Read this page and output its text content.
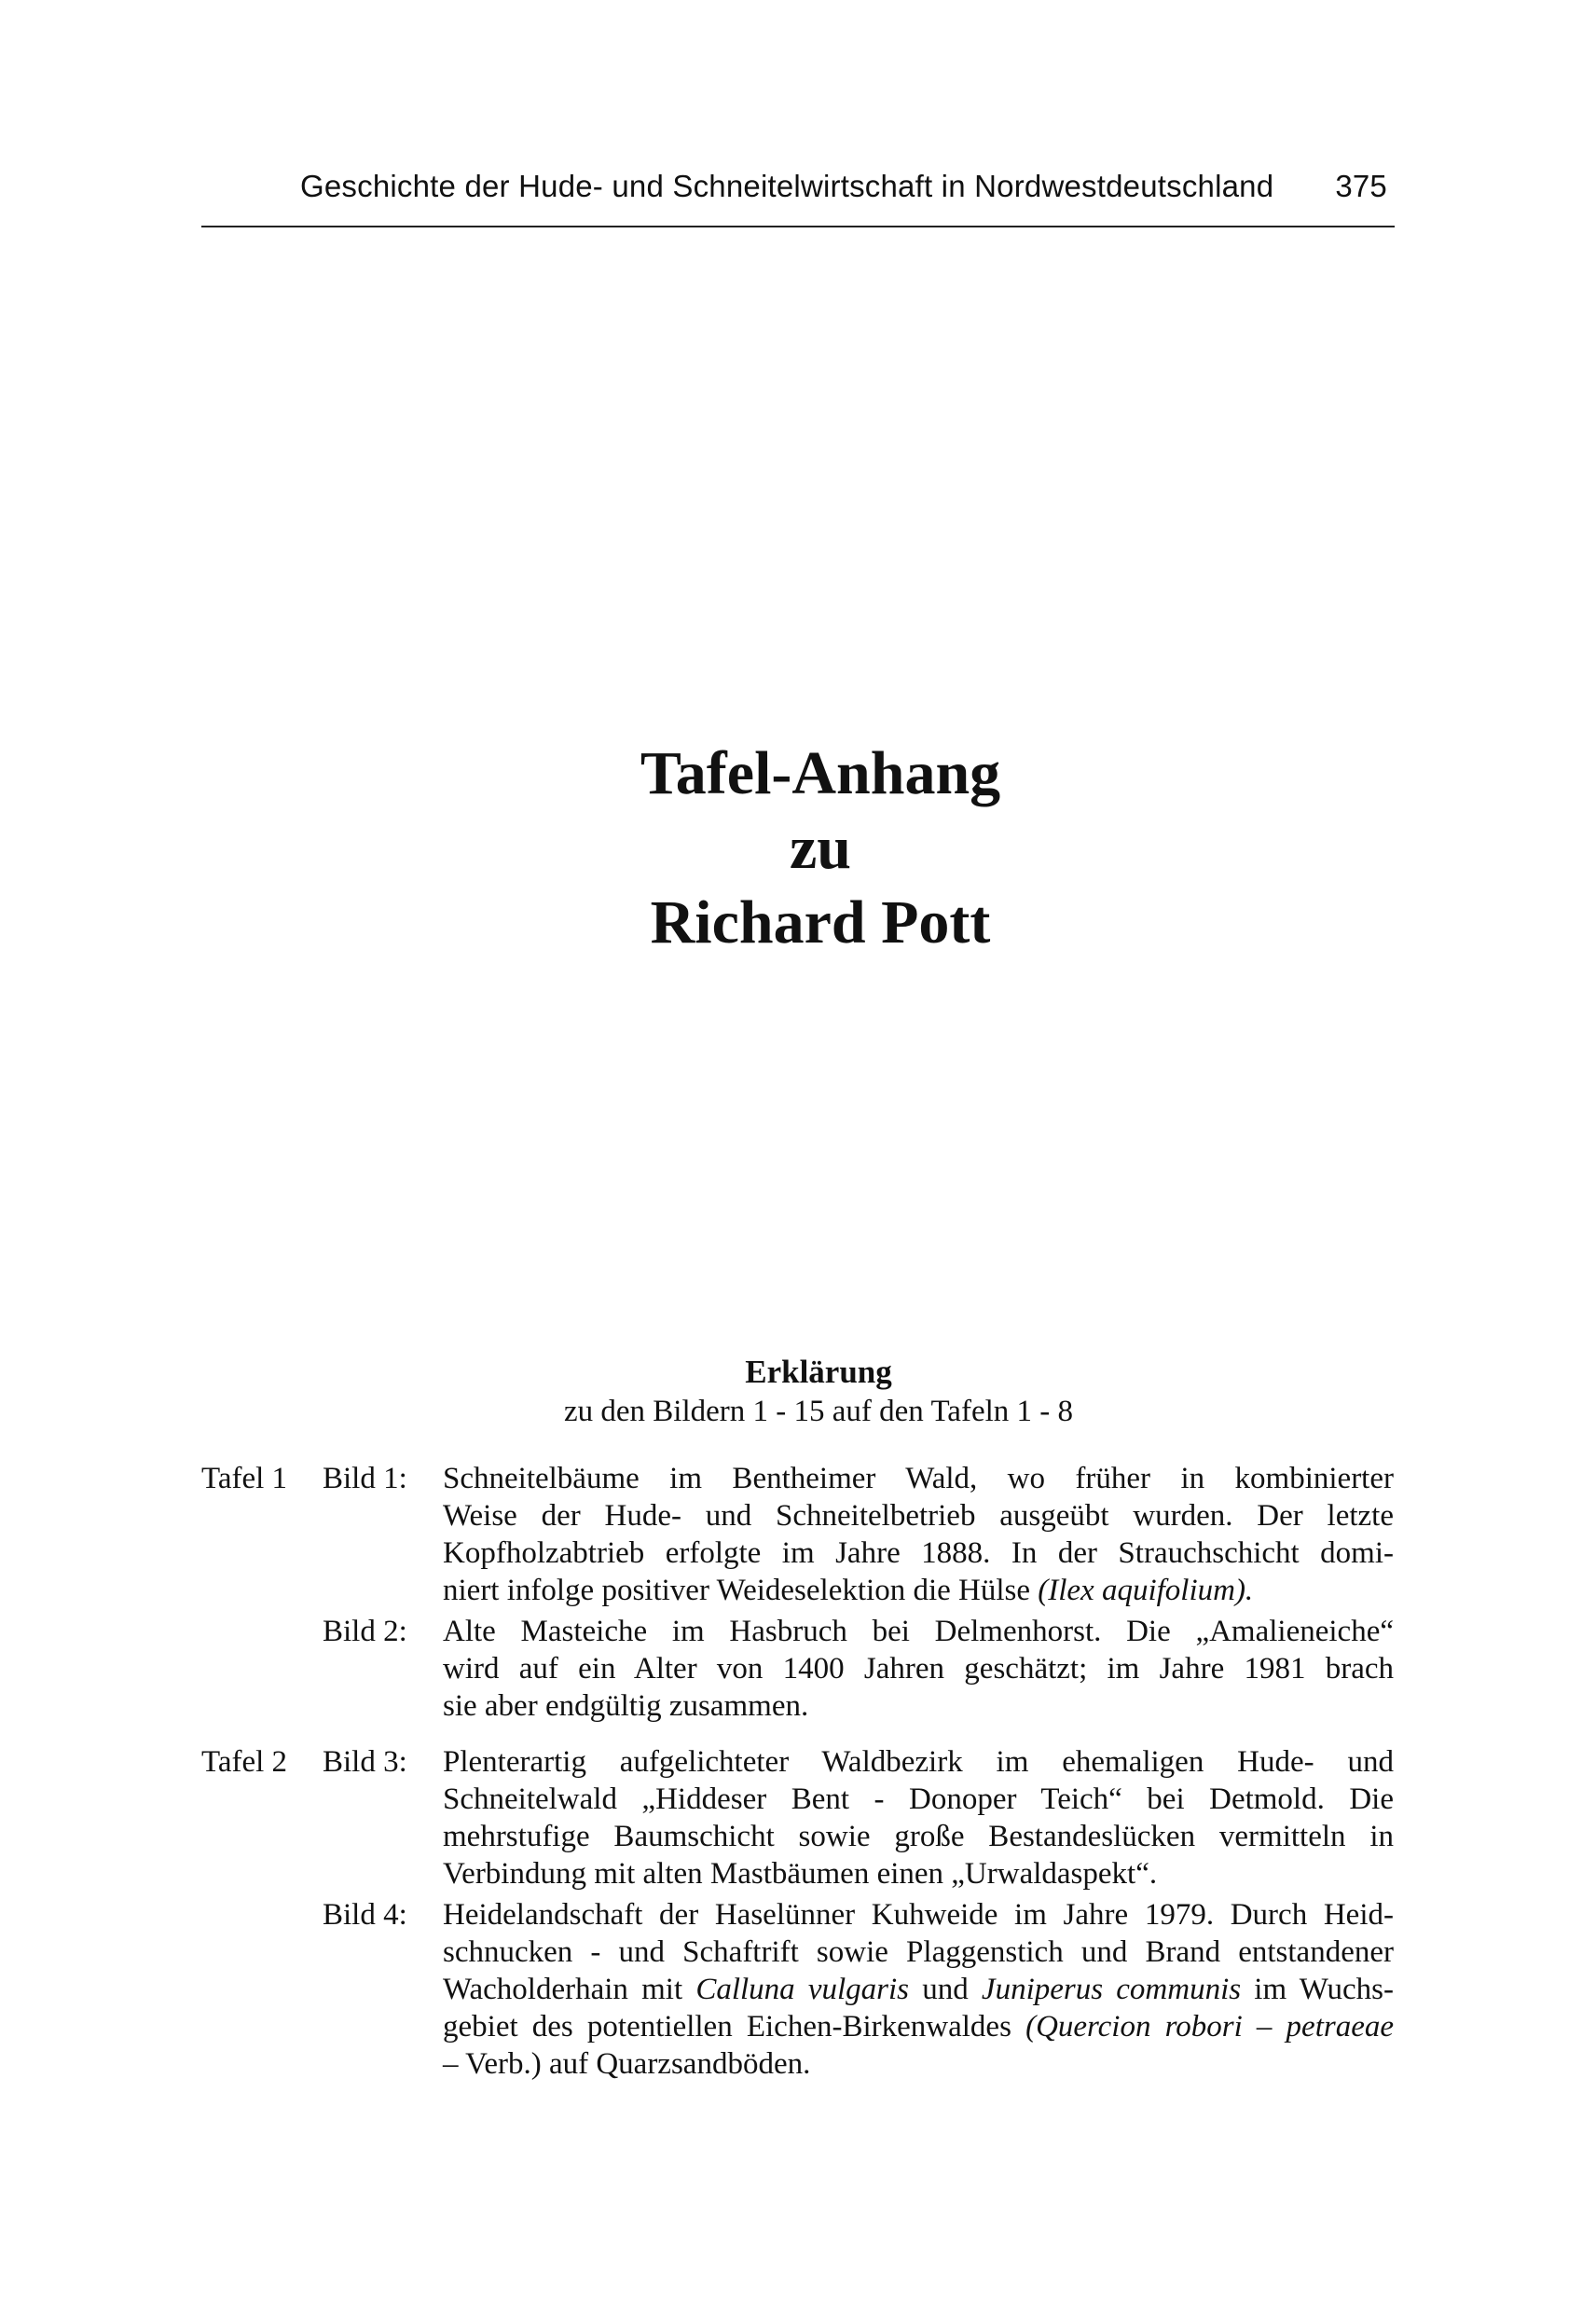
Geschichte der Hude- und Schneitelwirtschaft in Nordwestdeutschland 375
Tafel-Anhang
zu
Richard Pott
Erklärung
zu den Bildern 1 - 15 auf den Tafeln 1 - 8
Tafel 1 Bild 1: Schneitelbäume im Bentheimer Wald, wo früher in kombinierter
Weise der Hude- und Schneitelbetrieb ausgeübt wurden. Der letzte
Kopfholzabtrieb erfolgte im Jahre 1888. In der Strauchschicht domi-
niert infolge positiver Weideselektion die Hülse (Ilex aquifolium).
Bild 2: Alte Masteiche im Hasbruch bei Delmenhorst. Die „Amalieneiche“
wird auf ein Alter von 1400 Jahren geschätzt; im Jahre 1981 brach
sie aber endgültig zusammen.
Tafel 2 Bild 3: Plenterartig aufgelichteter Waldbezirk im ehemaligen Hude- und
Schneitelwald „Hiddeser Bent - Donoper Teich“ bei Detmold. Die
mehrstufige Baumschicht sowie große Bestandeslücken vermitteln in
Verbindung mit alten Mastbäumen einen „Urwaldaspekt“.
Bild 4: Heidelandschaft der Haselünner Kuhweide im Jahre 1979. Durch Heid-
schnucken - und Schaftrift sowie Plaggenstich und Brand entstandener
Wacholderhain mit Calluna vulgaris und Juniperus communis im Wuchs-
gebiet des potentiellen Eichen-Birkenwaldes (Quercion robori – petraeae
– Verb.) auf Quarzsandböden.
